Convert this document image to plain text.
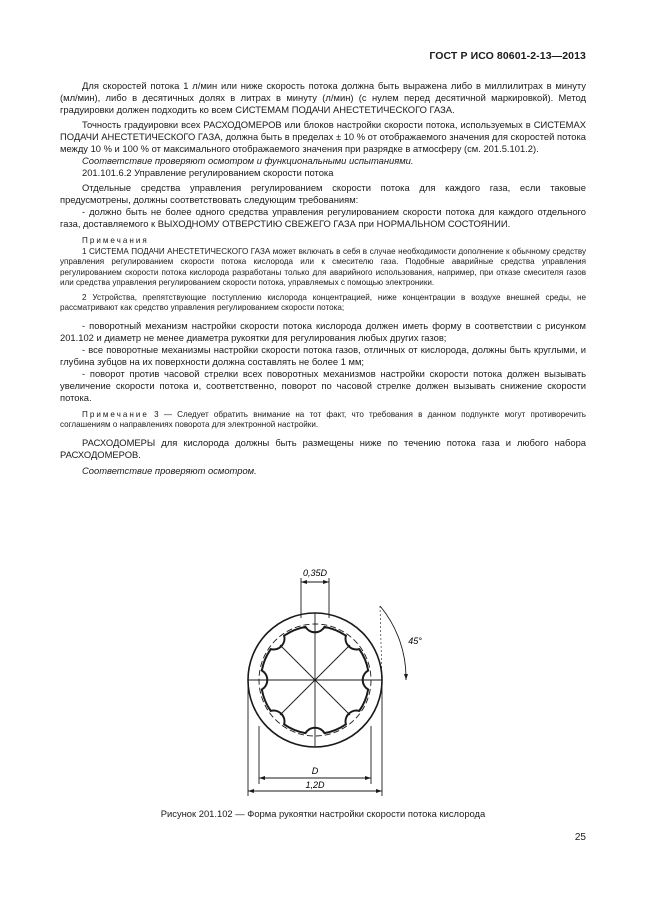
ГОСТ Р ИСО 80601-2-13—2013

Для скоростей потока 1 л/мин или ниже скорость потока должна быть выражена либо в миллилитрах в минуту (мл/мин), либо в десятичных долях в литрах в минуту (л/мин) (с нулем перед десятичной маркировкой). Метод градуировки должен подходить ко всем СИСТЕМАМ ПОДАЧИ АНЕСТЕТИЧЕСКОГО ГАЗА.

Точность градуировки всех РАСХОДОМЕРОВ или блоков настройки скорости потока, используемых в СИСТЕМАХ ПОДАЧИ АНЕСТЕТИЧЕСКОГО ГАЗА, должна быть в пределах ± 10 % от отображаемого значения для скоростей потока между 10 % и 100 % от максимального отображаемого значения при разрядке в атмосферу (см. 201.5.101.2).

Соответствие проверяют осмотром и функциональными испытаниями.

201.101.6.2 Управление регулированием скорости потока

Отдельные средства управления регулированием скорости потока для каждого газа, если таковые предусмотрены, должны соответствовать следующим требованиям:

- должно быть не более одного средства управления регулированием скорости потока для каждого отдельного газа, доставляемого к ВЫХОДНОМУ ОТВЕРСТИЮ СВЕЖЕГО ГАЗА при НОРМАЛЬНОМ СОСТОЯНИИ.

Примечания

1 СИСТЕМА ПОДАЧИ АНЕСТЕТИЧЕСКОГО ГАЗА может включать в себя в случае необходимости дополнение к обычному средству управления регулированием скорости потока кислорода или к смесителю газа. Подобные аварийные средства управления регулированием скорости потока кислорода разработаны только для аварийного использования, например, при отказе смесителя газов или средства управления регулированием скорости потока, управляемых с помощью электроники.

2 Устройства, препятствующие поступлению кислорода концентрацией, ниже концентрации в воздухе внешней среды, не рассматривают как средство управления регулированием скорости потока;

- поворотный механизм настройки скорости потока кислорода должен иметь форму в соответствии с рисунком 201.102 и диаметр не менее диаметра рукоятки для регулирования любых других газов;

- все поворотные механизмы настройки скорости потока газов, отличных от кислорода, должны быть круглыми, и глубина зубцов на их поверхности должна составлять не более 1 мм;

- поворот против часовой стрелки всех поворотных механизмов настройки скорости потока должен вызывать увеличение скорости потока и, соответственно, поворот по часовой стрелке должен вызывать снижение скорости потока.

Примечание 3 — Следует обратить внимание на тот факт, что требования в данном подпункте могут противоречить соглашениям о направлениях поворота для электронной настройки.

РАСХОДОМЕРЫ для кислорода должны быть размещены ниже по течению потока газа и любого набора РАСХОДОМЕРОВ.

Соответствие проверяют осмотром.

0,35D
45°
D
1,2D
Рисунок 201.102 — Форма рукоятки настройки скорости потока кислорода
25
